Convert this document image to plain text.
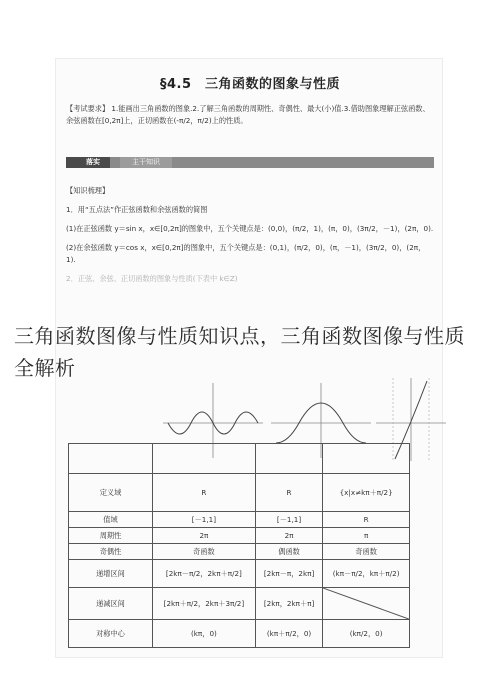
§4.5　三角函数的图象与性质
【考试要求】 1.能画出三角函数的图象.2.了解三角函数的周期性、奇偶性、最大(小)值.3.借助图象理解正弦函数、余弦函数在[0,2π]上，正切函数在(-π/2，π/2)上的性质。
落实	主干知识

【知识梳理】

1．用“五点法”作正弦函数和余弦函数的简图

(1)在正弦函数 y＝sin x，x∈[0,2π]的图象中，五个关键点是：(0,0)，(π/2，1)，(π，0)，(3π/2，－1)，(2π，0).

(2)在余弦函数 y＝cos x，x∈[0,2π]的图象中，五个关键点是：(0,1)，(π/2，0)，(π，－1)，(3π/2，0)，(2π，1).

2．正弦、余弦、正切函数的图象与性质(下表中 k∈Z)

定义域	R	R	{x|x≠kπ＋π/2}
值域	[－1,1]	[－1,1]	R
周期性	2π	2π	π
奇偶性	奇函数	偶函数	奇函数
递增区间	[2kπ－π/2，2kπ＋π/2]	[2kπ－π，2kπ]	(kπ－π/2，kπ＋π/2)
递减区间	[2kπ＋π/2，2kπ＋3π/2]	[2kπ，2kπ＋π]	

对称中心	(kπ，0)	(kπ＋π/2，0)	(kπ/2，0)
三角函数图像与性质知识点，三角函数图像与性质全解析
